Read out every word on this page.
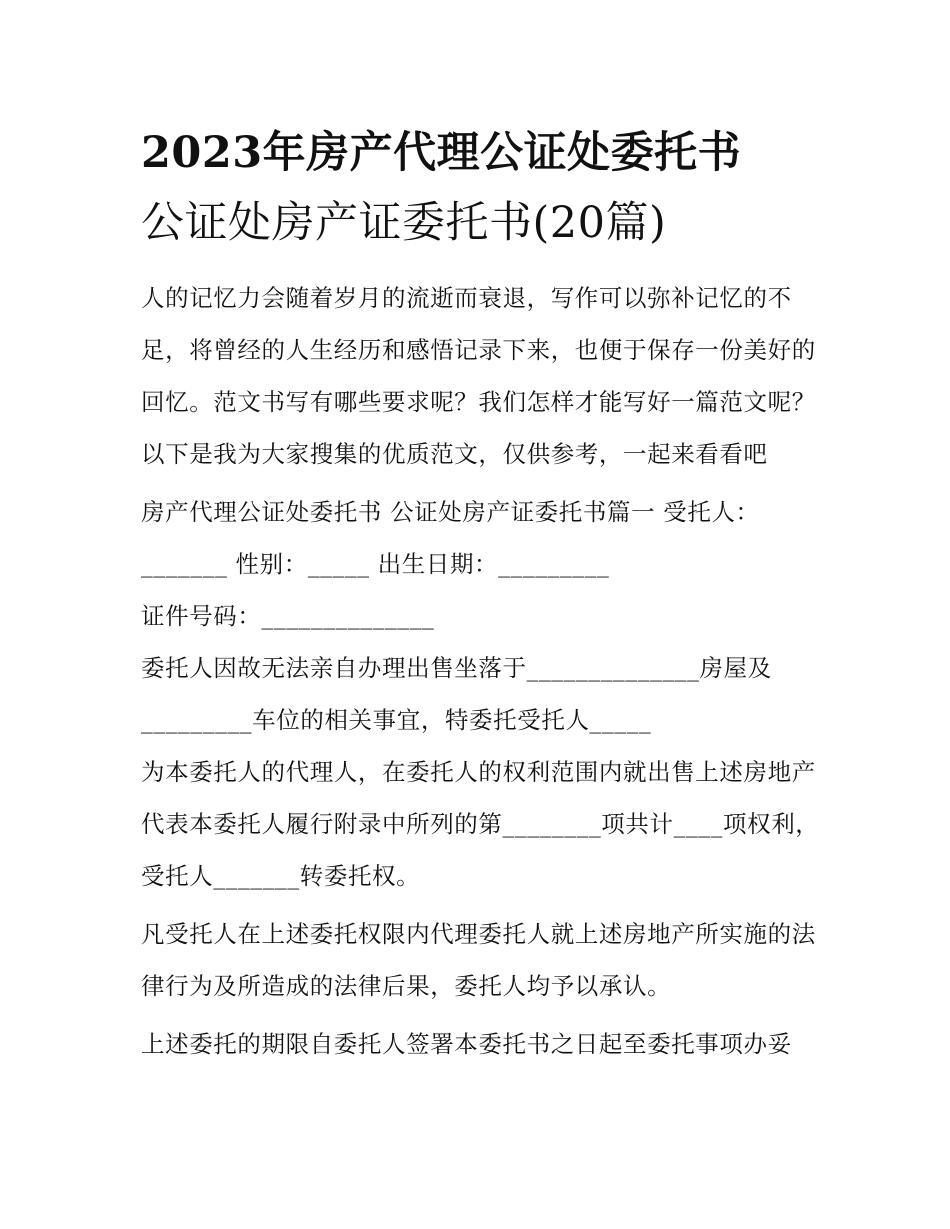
2023年房产代理公证处委托书
公证处房产证委托书(20篇)

人的记忆力会随着岁月的流逝而衰退，写作可以弥补记忆的不足，将曾经的人生经历和感悟记录下来，也便于保存一份美好的回忆。范文书写有哪些要求呢？我们怎样才能写好一篇范文呢？以下是我为大家搜集的优质范文，仅供参考，一起来看看吧

房产代理公证处委托书 公证处房产证委托书篇一 受托人：

_______ 性别：_____ 出生日期：_________

证件号码：______________

委托人因故无法亲自办理出售坐落于______________房屋及

_________车位的相关事宜，特委托受托人_____

为本委托人的代理人，在委托人的权利范围内就出售上述房地产代表本委托人履行附录中所列的第________项共计____项权利，受托人_______转委托权。

凡受托人在上述委托权限内代理委托人就上述房地产所实施的法律行为及所造成的法律后果，委托人均予以承认。

上述委托的期限自委托人签署本委托书之日起至委托事项办妥
